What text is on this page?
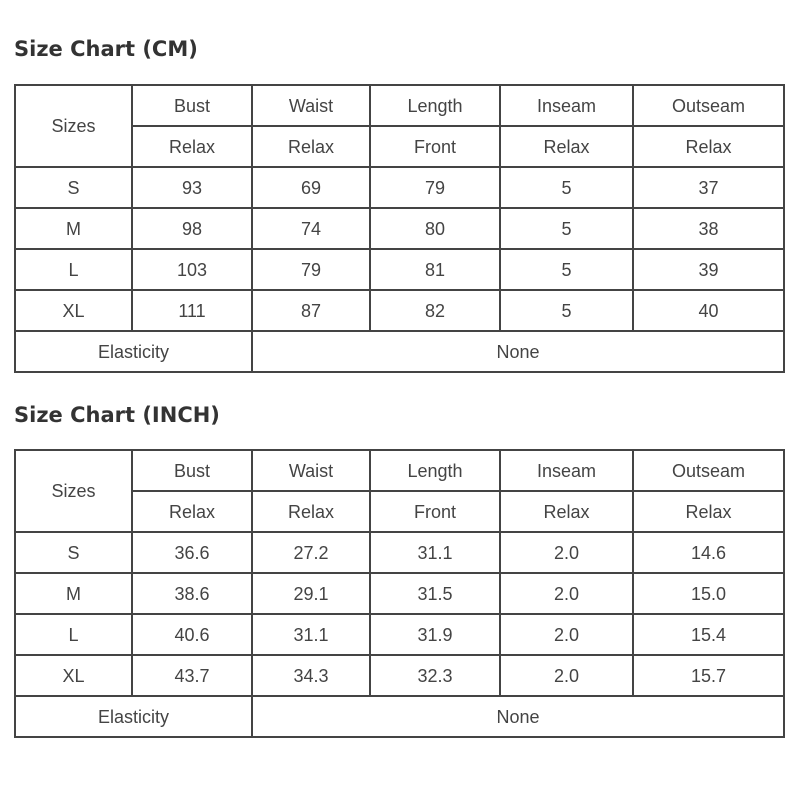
Size Chart (CM)
Sizes	Bust	Waist	Length	Inseam	Outseam
	Relax	Relax	Front	Relax	Relax
S	93	69	79	5	37
M	98	74	80	5	38
L	103	79	81	5	39
XL	111	87	82	5	40
Elasticity		None			
Size Chart (INCH)
Sizes	Bust	Waist	Length	Inseam	Outseam
	Relax	Relax	Front	Relax	Relax
S	36.6	27.2	31.1	2.0	14.6
M	38.6	29.1	31.5	2.0	15.0
L	40.6	31.1	31.9	2.0	15.4
XL	43.7	34.3	32.3	2.0	15.7
Elasticity		None			
